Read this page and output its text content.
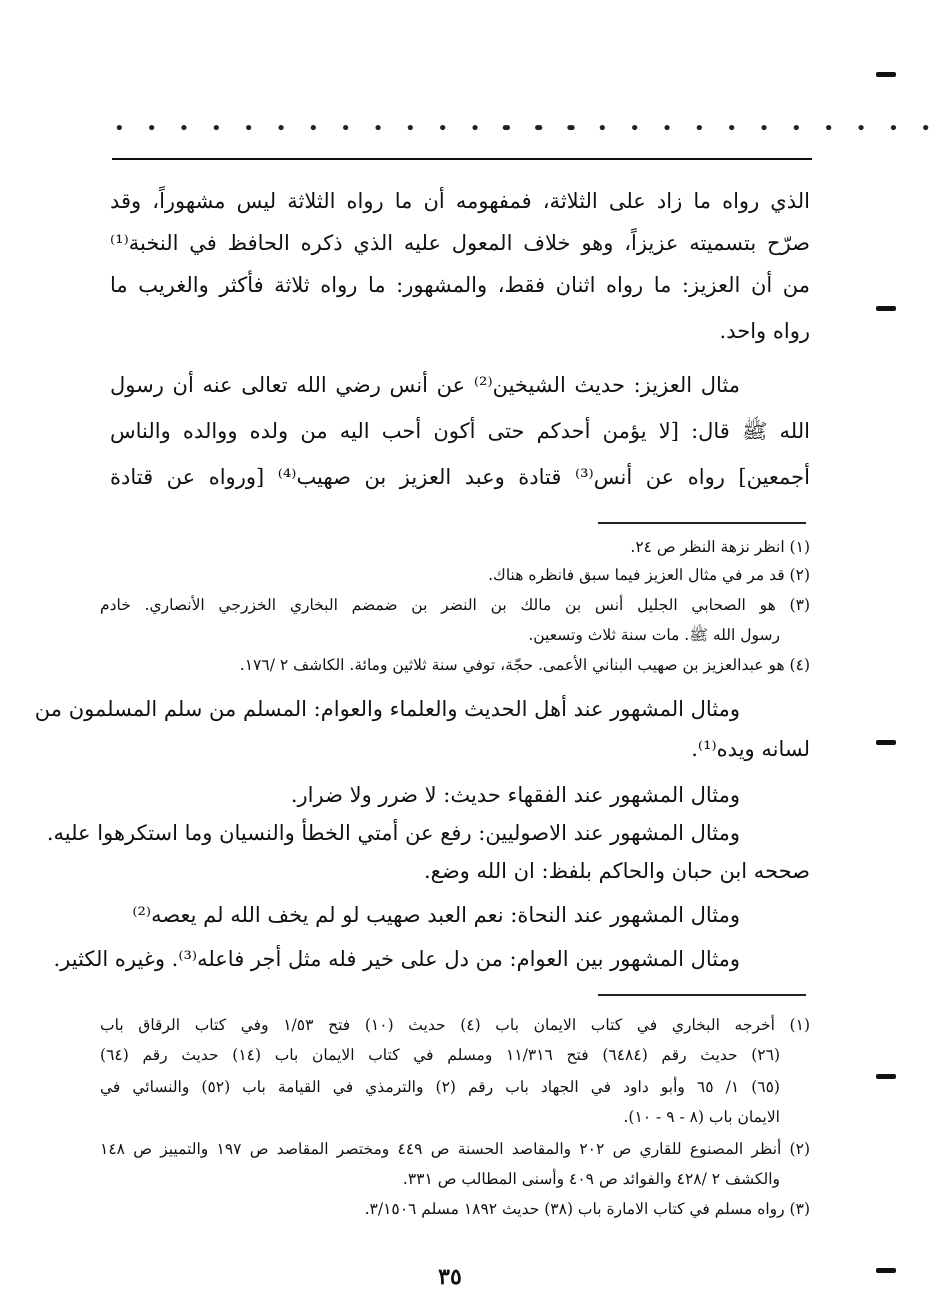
• • • • • • • • • • • • • • •
• • • • • • • • • • • • • •
الذي رواه ما زاد على الثلاثة، فمفهومه أن ما رواه الثلاثة ليس مشهوراً، وقد
صرّح بتسميته عزيزاً، وهو خلاف المعول عليه الذي ذكره الحافظ في النخبة⁽¹⁾
من أن العزيز: ما رواه اثنان فقط، والمشهور: ما رواه ثلاثة فأكثر والغريب ما
رواه واحد.
مثال العزيز: حديث الشيخين⁽²⁾ عن أنس رضي الله تعالى عنه أن رسول
الله ﷺ قال: [لا يؤمن أحدكم حتى أكون أحب اليه من ولده ووالده والناس
أجمعين] رواه عن أنس⁽³⁾ قتادة وعبد العزيز بن صهيب⁽⁴⁾ [ورواه عن قتادة
(١) انظر نزهة النظر ص ٢٤.
(٢) قد مر في مثال العزيز فيما سبق فانظره هناك.
(٣) هو الصحابي الجليل أنس بن مالك بن النضر بن ضمضم البخاري الخزرجي الأنصاري. خادم
رسول الله ﷺ. مات سنة ثلاث وتسعين.
(٤) هو عبدالعزيز بن صهيب البناني الأعمى. حجّة، توفي سنة ثلاثين ومائة. الكاشف ٢ /١٧٦.
ومثال المشهور عند أهل الحديث والعلماء والعوام: المسلم من سلم المسلمون من
لسانه ويده⁽¹⁾.
ومثال المشهور عند الفقهاء حديث: لا ضرر ولا ضرار.
ومثال المشهور عند الاصوليين: رفع عن أمتي الخطأ والنسيان وما استكرهوا عليه.
صححه ابن حبان والحاكم بلفظ: ان الله وضع.
ومثال المشهور عند النحاة: نعم العبد صهيب لو لم يخف الله لم يعصه⁽²⁾
ومثال المشهور بين العوام: من دل على خير فله مثل أجر فاعله⁽³⁾. وغيره الكثير.
(١) أخرجه البخاري في كتاب الايمان باب (٤) حديث (١٠) فتح ١/٥٣ وفي كتاب الرقاق باب
(٢٦) حديث رقم (٦٤٨٤) فتح ١١/٣١٦ ومسلم في كتاب الايمان باب (١٤) حديث رقم (٦٤)
(٦٥) ١/ ٦٥ وأبو داود في الجهاد باب رقم (٢) والترمذي في القيامة باب (٥٢) والنسائي في
الايمان باب (٨ - ٩ - ١٠).
(٢) أنظر المصنوع للقاري ص ٢٠٢ والمقاصد الحسنة ص ٤٤٩ ومختصر المقاصد ص ١٩٧ والتمييز ص ١٤٨
والكشف ٢ /٤٢٨ والفوائد ص ٤٠٩ وأسنى المطالب ص ٣٣١.
(٣) رواه مسلم في كتاب الامارة باب (٣٨) حديث ١٨٩٢ مسلم ٣/١٥٠٦.
٣٥
